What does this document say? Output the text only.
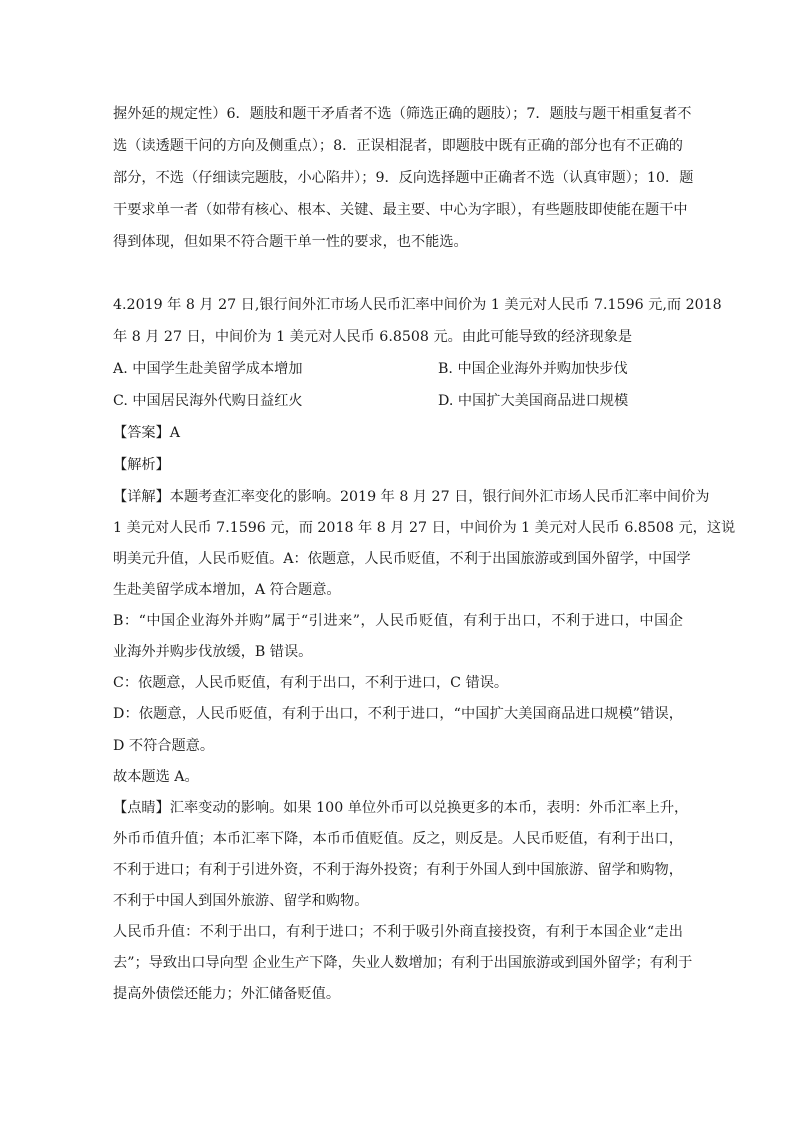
握外延的规定性）6．题肢和题干矛盾者不选（筛选正确的题肢）；7．题肢与题干相重复者不
选（读透题干问的方向及侧重点）；8．正误相混者，即题肢中既有正确的部分也有不正确的
部分，不选（仔细读完题肢，小心陷井）；9．反向选择题中正确者不选（认真审题）；10．题
干要求单一者（如带有核心、根本、关键、最主要、中心为字眼），有些题肢即使能在题干中
得到体现，但如果不符合题干单一性的要求，也不能选。
4.2019 年 8 月 27 日,银行间外汇市场人民币汇率中间价为 1 美元对人民币 7.1596 元,而 2018
年 8 月 27 日，中间价为 1 美元对人民币 6.8508 元。由此可能导致的经济现象是
A. 中国学生赴美留学成本增加	B. 中国企业海外并购加快步伐
C. 中国居民海外代购日益红火	D. 中国扩大美国商品进口规模
【答案】A
【解析】
【详解】本题考查汇率变化的影响。2019 年 8 月 27 日，银行间外汇市场人民币汇率中间价为
1 美元对人民币 7.1596 元，而 2018 年 8 月 27 日，中间价为 1 美元对人民币 6.8508 元，这说
明美元升值，人民币贬值。A：依题意，人民币贬值，不利于出国旅游或到国外留学，中国学
生赴美留学成本增加，A 符合题意。
B：“中国企业海外并购”属于“引进来”，人民币贬值，有利于出口，不利于进口，中国企
业海外并购步伐放缓，B 错误。
C：依题意，人民币贬值，有利于出口，不利于进口，C 错误。
D：依题意，人民币贬值，有利于出口，不利于进口，“中国扩大美国商品进口规模”错误，
D 不符合题意。
故本题选 A。
【点睛】汇率变动的影响。如果 100 单位外币可以兑换更多的本币，表明：外币汇率上升，
外币币值升值；本币汇率下降，本币币值贬值。反之，则反是。人民币贬值，有利于出口，
不利于进口；有利于引进外资，不利于海外投资；有利于外国人到中国旅游、留学和购物，
不利于中国人到国外旅游、留学和购物。
人民币升值：不利于出口，有利于进口；不利于吸引外商直接投资，有利于本国企业“走出
去”；导致出口导向型 企业生产下降，失业人数增加；有利于出国旅游或到国外留学；有利于
提高外债偿还能力；外汇储备贬值。
